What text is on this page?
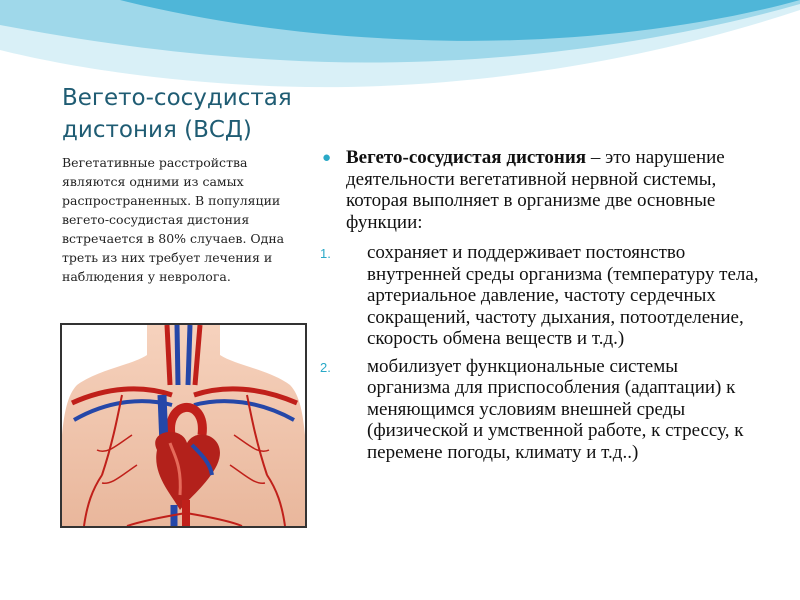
Вегето-сосудистая дистония (ВСД)

Вегетативные расстройства являются одними из самых распространенных. В популяции вегето-сосудистая дистония встречается в 80% случаев. Одна треть из них требует лечения и наблюдения у невролога.

● Вегето-сосудистая дистония – это нарушение деятельности вегетативной нервной системы, которая выполняет в организме две основные функции:

1. сохраняет и поддерживает постоянство внутренней среды организма (температуру тела, артериальное давление, частоту сердечных сокращений, частоту дыхания, потоотделение, скорость обмена веществ и т.д.)
2. мобилизует функциональные системы организма для приспособления (адаптации) к меняющимся условиям внешней среды (физической и умственной работе, к стрессу, к перемене погоды, климату и т.д..)
